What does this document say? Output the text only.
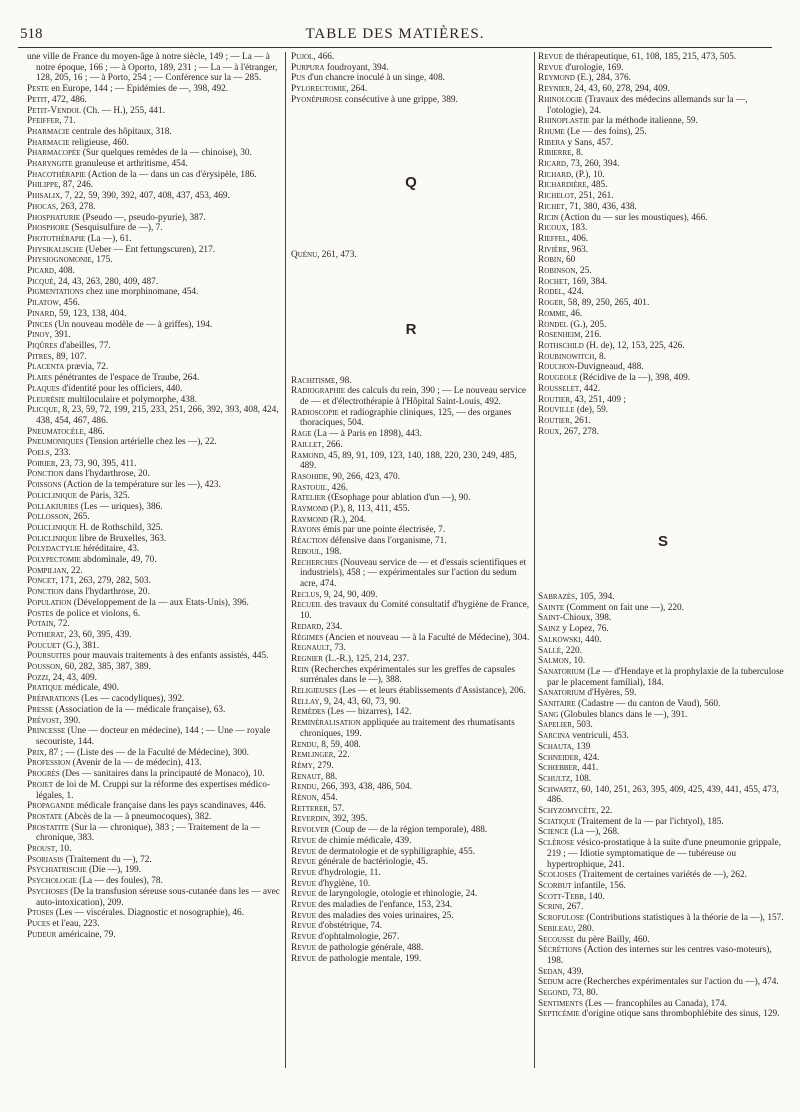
518	TABLE DES MATIÈRES.

une ville de France du moyen-âge à notre siècle, 149 ; — La — à notre époque, 166 ; — à Oporto, 189, 231 ; — La — à l'étranger, 128, 205, 16 ; — à Porto, 254 ; — Conférence sur la — 285.

Peste en Europe, 144 ; — Epidémies de —, 398, 492.

Petit, 472, 486.

Petit-Vendol (Ch. — H.), 255, 441.

Pfeiffer, 71.

Pharmacie centrale des hôpitaux, 318.

Pharmacie religieuse, 460.

Pharmacopée (Sur quelques remèdes de la — chinoise), 30.

Pharyngite granuleuse et arthritisme, 454.

Phacothérapie (Action de la — dans un cas d'érysipèle, 186.

Philippe, 87, 246.

Phisalix, 7, 22, 59, 390, 392, 407, 408, 437, 453, 469.

Phocas, 263, 278.

Phosphaturie (Pseudo —, pseudo-pyurie), 387.

Phosphore (Sesquisulfure de —), 7.

Photothérapie (La —), 61.

Physikalische (Ueber — Ent fettungscuren), 217.

Physiognomonie, 175.

Picard, 408.

Picqué, 24, 43, 263, 280, 409, 487.

Pigmentations chez une morphinomane, 454.

Pilatow, 456.

Pinard, 59, 123, 138, 404.

Pinces (Un nouveau modèle de — à griffes), 194.

Pinoy, 391.

Piqûres d'abeilles, 77.

Pitres, 89, 107.

Placenta prævia, 72.

Plaies pénétrantes de l'espace de Traube, 264.

Plaques d'identité pour les officiers, 440.

Pleurésie multiloculaire et polymorphe, 438.

Plicque, 8, 23, 59, 72, 199, 215, 233, 251, 266, 392, 393, 408, 424, 438, 454, 467, 486.

Pneumatocèle, 486.

Pneumoniques (Tension artérielle chez les —), 22.

Poels, 233.

Poirier, 23, 73, 90, 395, 411.

Ponction dans l'hydarthrose, 20.

Poissons (Action de la température sur les —), 423.

Policlinique de Paris, 325.

Pollakiuries (Les — uriques), 386.

Pollosson, 265.

Policlinique H. de Rothschild, 325.

Policlinique libre de Bruxelles, 363.

Polydactylie héréditaire, 43.

Polypectomie abdominale, 49, 70.

Pompilian, 22.

Poncet, 171, 263, 279, 282, 503.

Ponction dans l'hydarthrose, 20.

Population (Développement de la — aux Etats-Unis), 396.

Postes de police et violons, 6.

Potain, 72.

Potherat, 23, 60, 395, 439.

Poucuet (G.), 381.

Poursuites pour mauvais traitements à des enfants assistés, 445.

Pousson, 60, 282, 385, 387, 389.

Pozzi, 24, 43, 409.

Pratique médicale, 490.

Préparations (Les — cacodyliques), 392.

Presse (Association de la — médicale française), 63.

Prévost, 390.

Princesse (Une — docteur en médecine), 144 ; — Une — royale secouriste, 144.

Prix, 87 ; — (Liste des — de la Faculté de Médecine), 300.

Profession (Avenir de la — de médecin), 413.

Progrès (Des — sanitaires dans la principauté de Monaco), 10.

Projet de loi de M. Cruppi sur la réforme des expertises médico-légales, 1.

Propagande médicale française dans les pays scandinaves, 446.

Prostate (Abcès de la — à pneumocoques), 382.

Prostatite (Sur la — chronique), 383 ; — Traitement de la — chronique, 383.

Proust, 10.

Psoriasis (Traitement du —), 72.

Psychiatrische (Die —), 199.

Psychologie (La — des foules), 78.

Psychoses (De la transfusion séreuse sous-cutanée dans les — avec auto-intoxication), 209.

Ptoses (Les — viscérales. Diagnostic et nosographie), 46.

Puces et l'eau, 223.

Pudeur américaine, 79.

Pujol, 466.

Purpura foudroyant, 394.

Pus d'un chancre inoculé à un singe, 408.

Pylorectomie, 264.

Pyonéphrose consécutive à une grippe, 389.

Q

Quénu, 261, 473.

R

Rachitisme, 98.

Radiographie des calculs du rein, 390 ; — Le nouveau service de — et d'électrothérapie à l'Hôpital Saint-Louis, 492.

Radioscopie et radiographie cliniques, 125, — des organes thoraciques, 504.

Rage (La — à Paris en 1898), 443.

Raillet, 266.

Ramond, 45, 89, 91, 109, 123, 140, 188, 220, 230, 249, 485, 489.

Rasohide, 90, 266, 423, 470.

Rastouil, 426.

Ratelier (Œsophage pour ablation d'un —), 90.

Raymond (P.), 8, 113, 411, 455.

Raymond (R.), 204.

Rayons émis par une pointe électrisée, 7.

Réaction défensive dans l'organisme, 71.

Reboul, 198.

Recherches (Nouveau service de — et d'essais scientifiques et industriels), 458 ; — expérimentales sur l'action du sedum acre, 474.

Reclus, 9, 24, 90, 409.

Recueil des travaux du Comité consultatif d'hygiène de France, 10.

Redard, 234.

Régimes (Ancien et nouveau — à la Faculté de Médecine), 304.

Regnault, 73.

Regnier (L.-R.), 125, 214, 237.

Rein (Recherches expérimentales sur les greffes de capsules surrénales dans le —), 388.

Religieuses (Les — et leurs établissements d'Assistance), 206.

Rellay, 9, 24, 43, 60, 73, 90.

Remèdes (Les — bizarres), 142.

Reminéralisation appliquée au traitement des rhumatisants chroniques, 199.

Rendu, 8, 59, 408.

Remlinger, 22.

Rémy, 279.

Renaut, 88.

Rendu, 266, 393, 438, 486, 504.

Rénon, 454.

Retterer, 57.

Reverdin, 392, 395.

Revolver (Coup de — de la région temporale), 488.

Revue de chimie médicale, 439.

Revue de dermatologie et de syphiligraphie, 455.

Revue générale de bactériologie, 45.

Revue d'hydrologie, 11.

Revue d'hygiène, 10.

Revue de laryngologie, otologie et rhinologie, 24.

Revue des maladies de l'enfance, 153, 234.

Revue des maladies des voies urinaires, 25.

Revue d'obstétrique, 74.

Revue d'ophtalmologie, 267.

Revue de pathologie générale, 488.

Revue de pathologie mentale, 199.

Revue de thérapeutique, 61, 108, 185, 215, 473, 505.

Revue d'urologie, 169.

Reymond (E.), 284, 376.

Reynier, 24, 43, 60, 278, 294, 409.

Rhinologie (Travaux des médecins allemands sur la —, l'otologie), 24.

Rhinoplastie par la méthode italienne, 59.

Rhume (Le — des foins), 25.

Ribera y Sans, 457.

Ribierre, 8.

Ricard, 73, 260, 394.

Richard, (P.), 10.

Richardière, 485.

Richelot, 251, 261.

Richet, 71, 380, 436, 438.

Ricin (Action du — sur les moustiques), 466.

Ricoux, 183.

Rieffel, 406.

Rivière, 963.

Robin, 60

Robinson, 25.

Rochet, 169, 384.

Rodel, 424.

Roger, 58, 89, 250, 265, 401.

Romme, 46.

Rondel (G.), 205.

Rosenheim, 216.

Rothschild (H. de), 12, 153, 225, 426.

Roubinowitch, 8.

Rouchon-Duvigneaud, 488.

Rougeole (Récidive de la —), 398, 409.

Rousselet, 442.

Routier, 43, 251, 409 ;

Rouville (de), 59.

Routier, 261.

Roux, 267, 278.

S

Sabrazès, 105, 394.

Sainte (Comment on fait une —), 220.

Saint-Chioux, 398.

Sainz y Lopez, 76.

Salkowski, 440.

Sallé, 220.

Salmon, 10.

Sanatorium (Le — d'Hendaye et la prophylaxie de la tuberculose par le placement familial), 184.

Sanatorium d'Hyères, 59.

Sanitaire (Cadastre — du canton de Vaud), 560.

Sang (Globules blancs dans le —), 391.

Sapelier, 503.

Sarcina ventriculi, 453.

Schauta, 139

Schneider, 424.

Schœbber, 441.

Schultz, 108.

Schwartz, 60, 140, 251, 263, 395, 409, 425, 439, 441, 455, 473, 486.

Schyzomycète, 22.

Sciatique (Traitement de la — par l'ichtyol), 185.

Science (La —), 268.

Sclérose vésico-prostatique à la suite d'une pneumonie grippale, 219 ; — Idiotie symptomatique de — tubéreuse ou hypertrophique, 241.

Scolioses (Traitement de certaines variétés de —), 262.

Scorbut infantile, 156.

Scott-Tebb, 140.

Scrini, 267.

Scrofulose (Contributions statistiques à la théorie de la —), 157.

Sebileau, 280.

Secousse du père Bailly, 460.

Sécrétions (Action des internes sur les centres vaso-moteurs), 198.

Sedan, 439.

Sedum acre (Recherches expérimentales sur l'action du —), 474.

Segond, 73, 80.

Sentiments (Les — francophiles au Canada), 174.

Septicémie d'origine otique sans thrombophlébite des sinus, 129.
